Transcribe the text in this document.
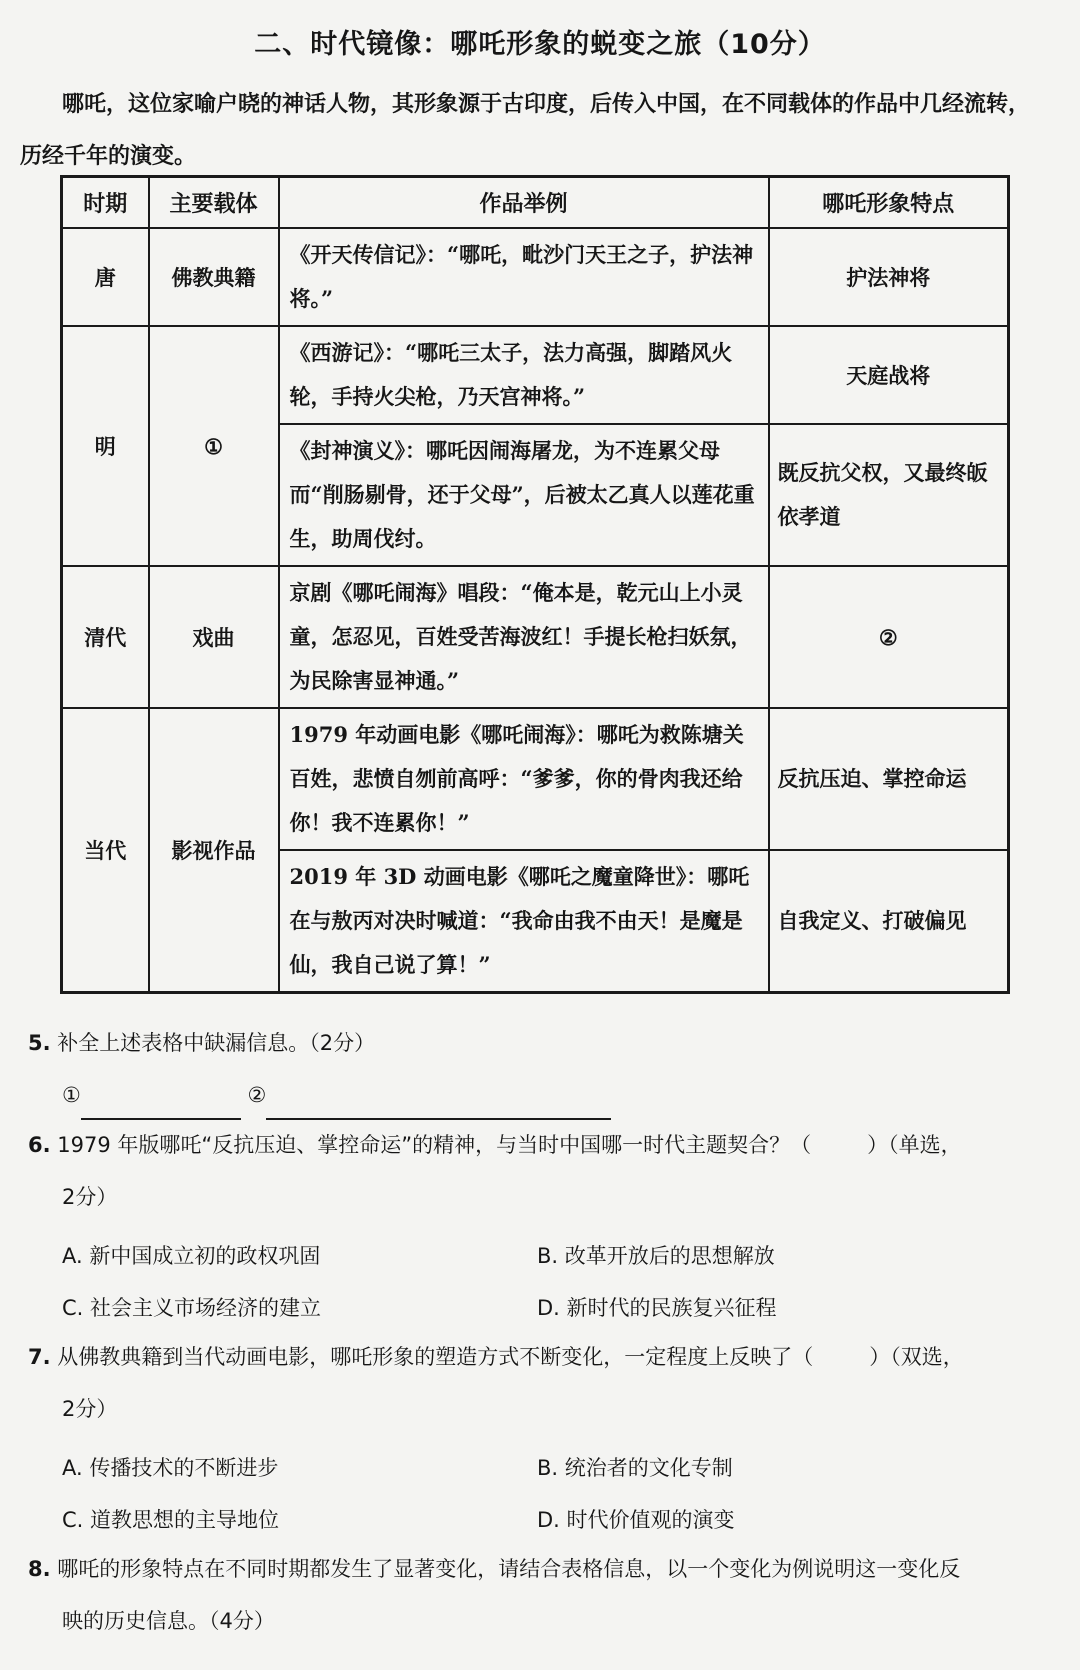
二、时代镜像：哪吒形象的蜕变之旅（10分）
哪吒，这位家喻户晓的神话人物，其形象源于古印度，后传入中国，在不同载体的作品中几经流转，历经千年的演变。
时期	主要载体	作品举例	哪吒形象特点
唐	佛教典籍	《开天传信记》：“哪吒，毗沙门天王之子，护法神将。”	护法神将
明	①	《西游记》：“哪吒三太子，法力高强，脚踏风火轮，手持火尖枪，乃天宫神将。”	天庭战将
		《封神演义》：哪吒因闹海屠龙，为不连累父母而“削肠剔骨，还于父母”，后被太乙真人以莲花重生，助周伐纣。	既反抗父权，又最终皈依孝道
清代	戏曲	京剧《哪吒闹海》唱段：“俺本是，乾元山上小灵童，怎忍见，百姓受苦海波红！手提长枪扫妖氛，为民除害显神通。”	②
当代	影视作品	1979 年动画电影《哪吒闹海》：哪吒为救陈塘关百姓，悲愤自刎前高呼：“爹爹，你的骨肉我还给你！我不连累你！”	反抗压迫、掌控命运
		2019 年 3D 动画电影《哪吒之魔童降世》：哪吒在与敖丙对决时喊道：“我命由我不由天！是魔是仙，我自己说了算！”	自我定义、打破偏见
5. 补全上述表格中缺漏信息。（2分）
①	②
6. 1979 年版哪吒“反抗压迫、掌控命运”的精神，与当时中国哪一时代主题契合？（	）（单选，
2分）
A. 新中国成立初的政权巩固	B. 改革开放后的思想解放
C. 社会主义市场经济的建立	D. 新时代的民族复兴征程
7. 从佛教典籍到当代动画电影，哪吒形象的塑造方式不断变化，一定程度上反映了（	）（双选，
2分）
A. 传播技术的不断进步	B. 统治者的文化专制
C. 道教思想的主导地位	D. 时代价值观的演变
8. 哪吒的形象特点在不同时期都发生了显著变化，请结合表格信息，以一个变化为例说明这一变化反
映的历史信息。（4分）
